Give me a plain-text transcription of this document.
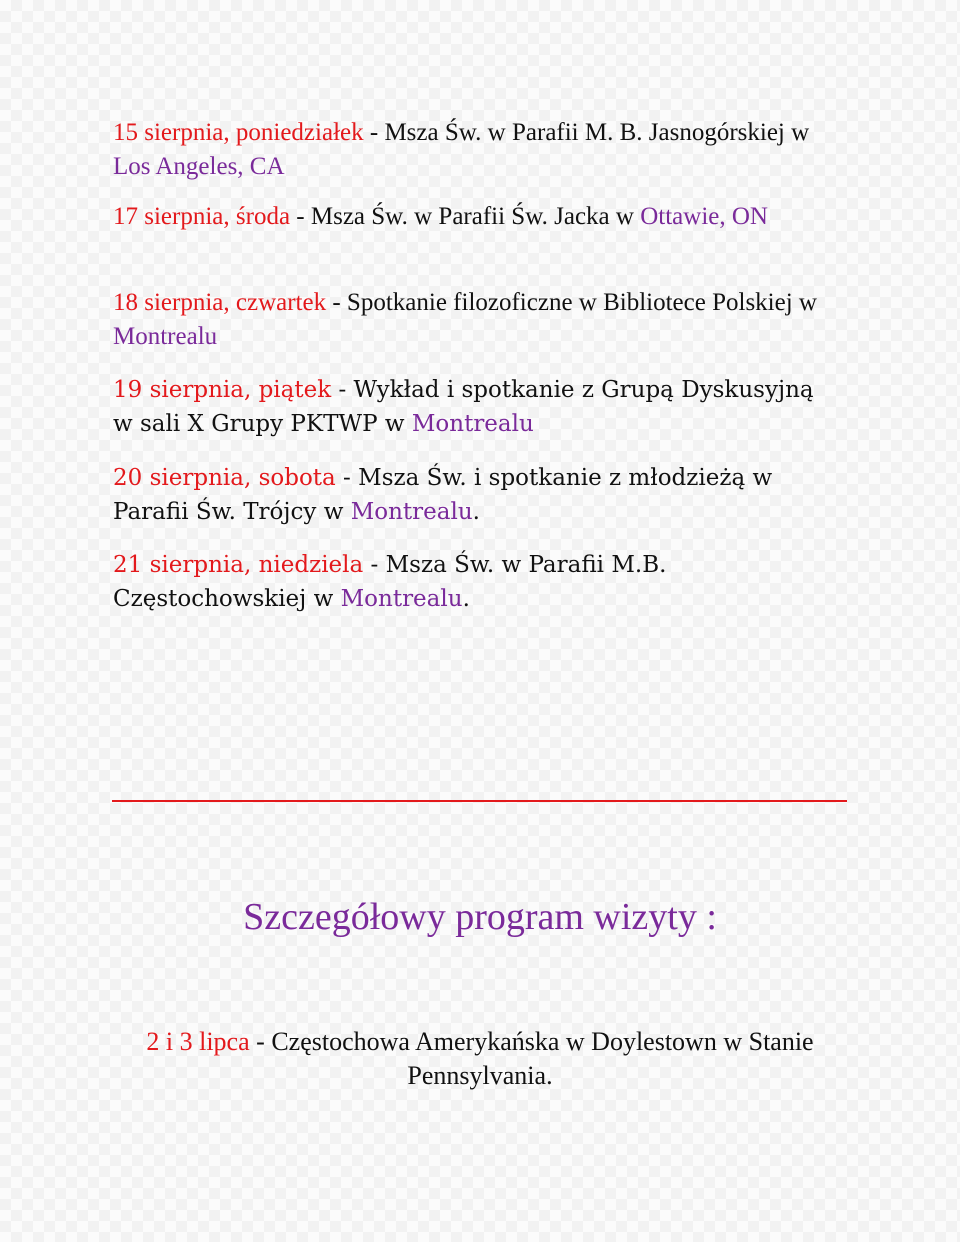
15 sierpnia, poniedziałek - Msza Św. w Parafii M. B. Jasnogórskiej w Los Angeles, CA

17 sierpnia, środa - Msza Św. w Parafii Św. Jacka w Ottawie, ON

18 sierpnia, czwartek - Spotkanie filozoficzne w Bibliotece Polskiej w Montrealu

19 sierpnia, piątek - Wykład i spotkanie z Grupą Dyskusyjną w sali X Grupy PKTWP w Montrealu

20 sierpnia, sobota - Msza Św. i spotkanie z młodzieżą w Parafii Św. Trójcy w Montrealu.

21 sierpnia, niedziela - Msza Św. w Parafii M.B. Częstochowskiej w Montrealu.

Szczegółowy program wizyty :

2 i 3 lipca - Częstochowa Amerykańska w Doylestown w Stanie Pennsylvania.
